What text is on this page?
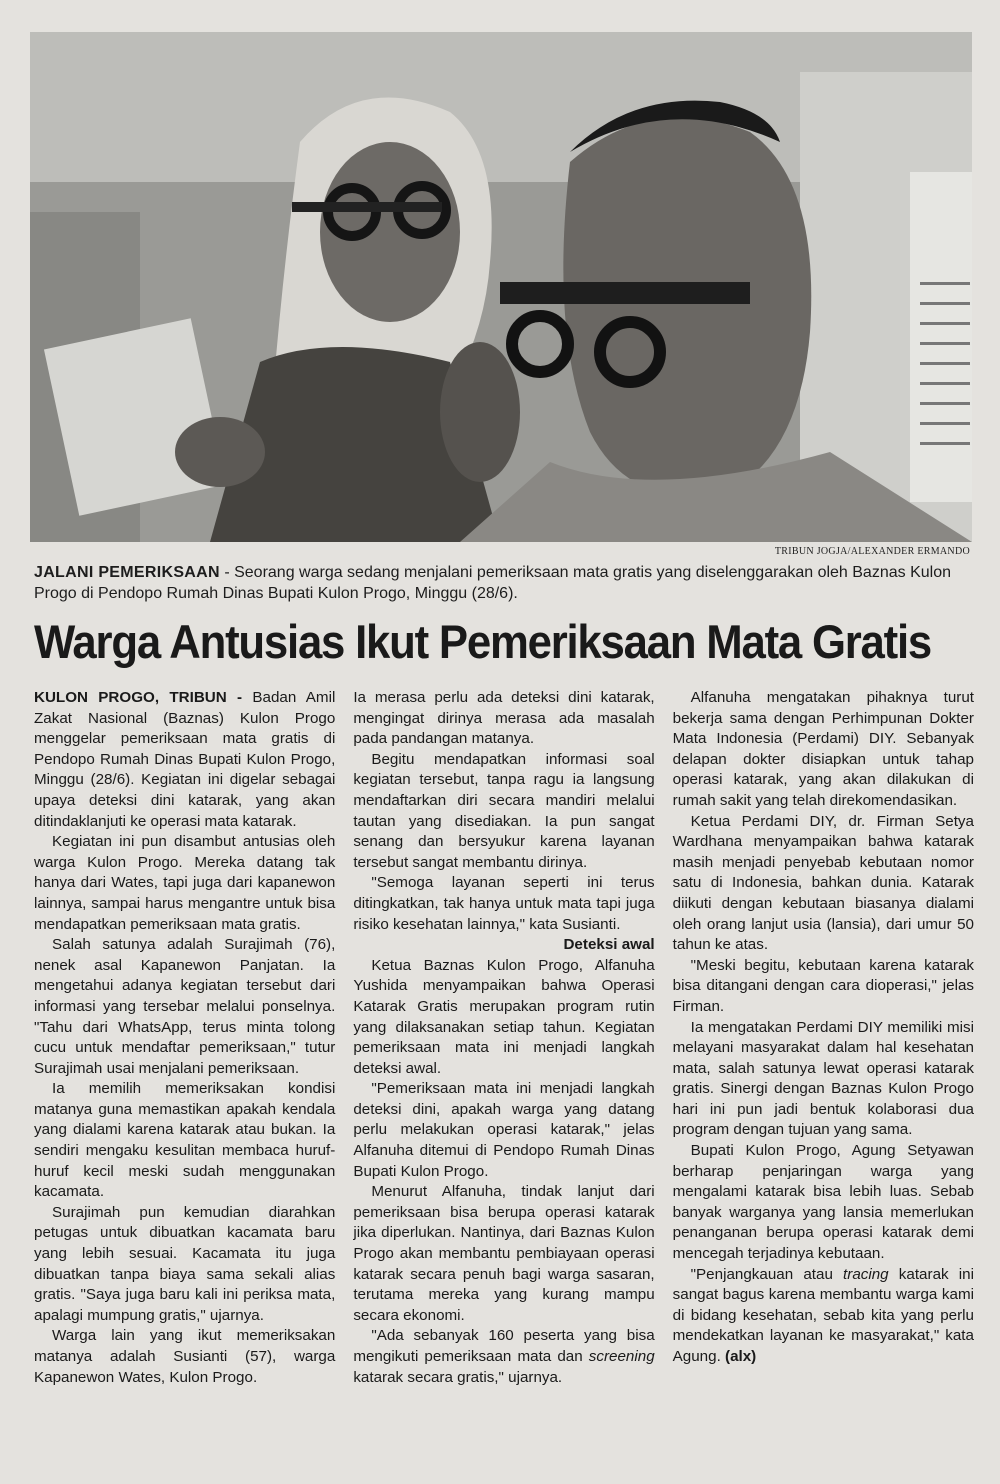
TRIBUN JOGJA/ALEXANDER ERMANDO
JALANI PEMERIKSAAN - Seorang warga sedang menjalani pemeriksaan mata gratis yang diselenggarakan oleh Baznas Kulon Progo di Pendopo Rumah Dinas Bupati Kulon Progo, Minggu (28/6).
Warga Antusias Ikut Pemeriksaan Mata Gratis

KULON PROGO, TRIBUN - Badan Amil Zakat Nasional (Baznas) Kulon Progo menggelar pemeriksaan mata gratis di Pendopo Rumah Dinas Bupati Kulon Progo, Minggu (28/6). Kegiatan ini digelar sebagai upaya deteksi dini katarak, yang akan ditindaklanjuti ke operasi mata katarak.

Kegiatan ini pun disambut antusias oleh warga Kulon Progo. Mereka datang tak hanya dari Wates, tapi juga dari kapanewon lainnya, sampai harus mengantre untuk bisa mendapatkan pemeriksaan mata gratis.

Salah satunya adalah Surajimah (76), nenek asal Kapanewon Panjatan. Ia mengetahui adanya kegiatan tersebut dari informasi yang tersebar melalui ponselnya. "Tahu dari WhatsApp, terus minta tolong cucu untuk mendaftar pemeriksaan," tutur Surajimah usai menjalani pemeriksaan.

Ia memilih memeriksakan kondisi matanya guna memastikan apakah kendala yang dialami karena katarak atau bukan. Ia sendiri mengaku kesulitan membaca huruf-huruf kecil meski sudah menggunakan kacamata.

Surajimah pun kemudian diarahkan petugas untuk dibuatkan kacamata baru yang lebih sesuai. Kacamata itu juga dibuatkan tanpa biaya sama sekali alias gratis. "Saya juga baru kali ini periksa mata, apalagi mumpung gratis," ujarnya.

Warga lain yang ikut memeriksakan matanya adalah Susianti (57), warga Kapanewon Wates, Kulon Progo.

Ia merasa perlu ada deteksi dini katarak, mengingat dirinya merasa ada masalah pada pandangan matanya.

Begitu mendapatkan informasi soal kegiatan tersebut, tanpa ragu ia langsung mendaftarkan diri secara mandiri melalui tautan yang disediakan. Ia pun sangat senang dan bersyukur karena layanan tersebut sangat membantu dirinya.

"Semoga layanan seperti ini terus ditingkatkan, tak hanya untuk mata tapi juga risiko kesehatan lainnya," kata Susianti.

Deteksi awal

Ketua Baznas Kulon Progo, Alfanuha Yushida menyampaikan bahwa Operasi Katarak Gratis merupakan program rutin yang dilaksanakan setiap tahun. Kegiatan pemeriksaan mata ini menjadi langkah deteksi awal.

"Pemeriksaan mata ini menjadi langkah deteksi dini, apakah warga yang datang perlu melakukan operasi katarak," jelas Alfanuha ditemui di Pendopo Rumah Dinas Bupati Kulon Progo.

Menurut Alfanuha, tindak lanjut dari pemeriksaan bisa berupa operasi katarak jika diperlukan. Nantinya, dari Baznas Kulon Progo akan membantu pembiayaan operasi katarak secara penuh bagi warga sasaran, terutama mereka yang kurang mampu secara ekonomi.

"Ada sebanyak 160 peserta yang bisa mengikuti pemeriksaan mata dan screening katarak secara gratis," ujarnya.

Alfanuha mengatakan pihaknya turut bekerja sama dengan Perhimpunan Dokter Mata Indonesia (Perdami) DIY. Sebanyak delapan dokter disiapkan untuk tahap operasi katarak, yang akan dilakukan di rumah sakit yang telah direkomendasikan.

Ketua Perdami DIY, dr. Firman Setya Wardhana menyampaikan bahwa katarak masih menjadi penyebab kebutaan nomor satu di Indonesia, bahkan dunia. Katarak diikuti dengan kebutaan biasanya dialami oleh orang lanjut usia (lansia), dari umur 50 tahun ke atas.

"Meski begitu, kebutaan karena katarak bisa ditangani dengan cara dioperasi," jelas Firman.

Ia mengatakan Perdami DIY memiliki misi melayani masyarakat dalam hal kesehatan mata, salah satunya lewat operasi katarak gratis. Sinergi dengan Baznas Kulon Progo hari ini pun jadi bentuk kolaborasi dua program dengan tujuan yang sama.

Bupati Kulon Progo, Agung Setyawan berharap penjaringan warga yang mengalami katarak bisa lebih luas. Sebab banyak warganya yang lansia memerlukan penanganan berupa operasi katarak demi mencegah terjadinya kebutaan.

"Penjangkauan atau tracing katarak ini sangat bagus karena membantu warga kami di bidang kesehatan, sebab kita yang perlu mendekatkan layanan ke masyarakat," kata Agung. (alx)
